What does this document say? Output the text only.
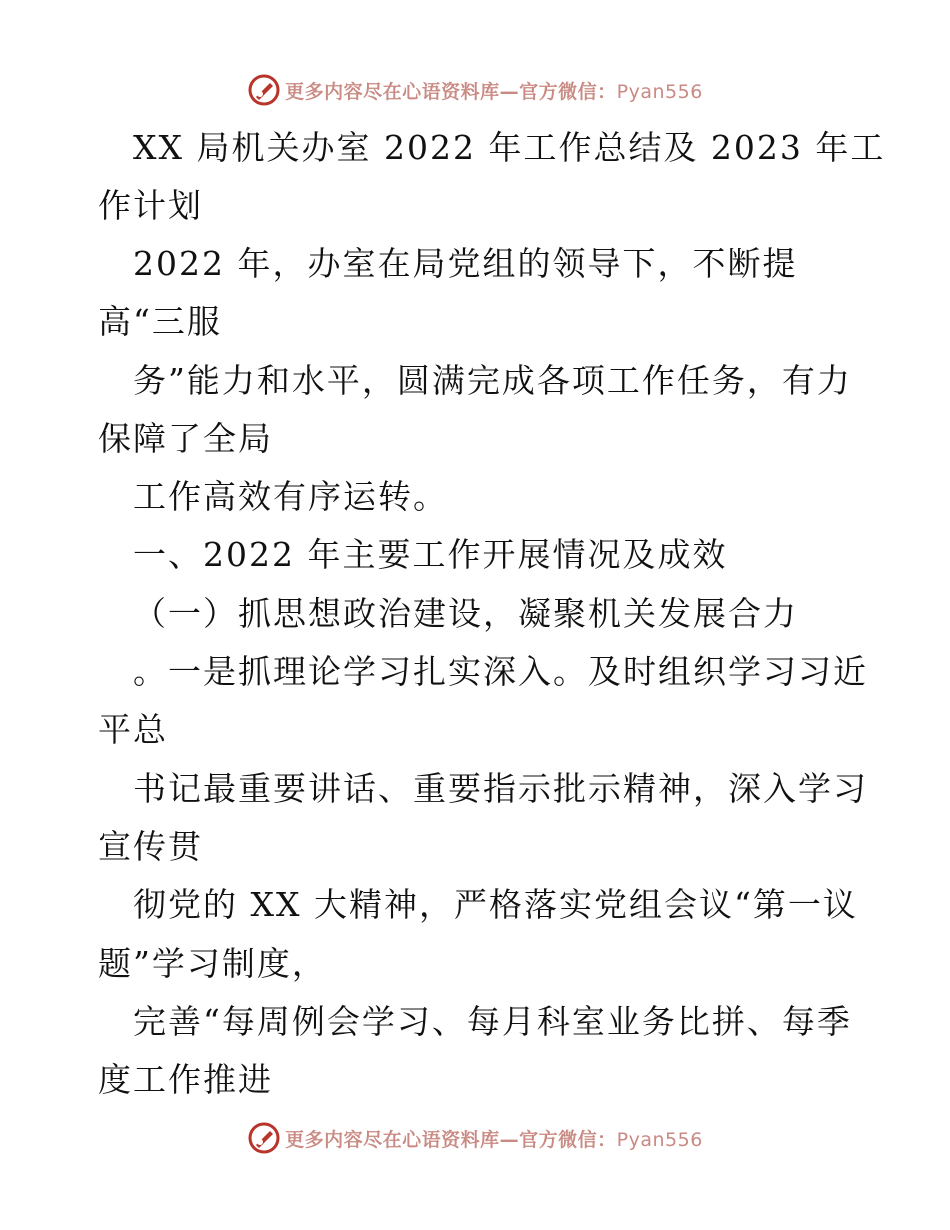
更多内容尽在心语资料库—官方微信：Pyan556
XX 局机关办室 2022 年工作总结及 2023 年工
作计划
2022 年，办室在局党组的领导下，不断提
高“三服
务”能力和水平，圆满完成各项工作任务，有力
保障了全局
工作高效有序运转。
一、2022 年主要工作开展情况及成效
（一）抓思想政治建设，凝聚机关发展合力
。一是抓理论学习扎实深入。及时组织学习习近
平总
书记最重要讲话、重要指示批示精神，深入学习
宣传贯
彻党的 XX 大精神，严格落实党组会议“第一议
题”学习制度，
完善“每周例会学习、每月科室业务比拼、每季
度工作推进
更多内容尽在心语资料库—官方微信：Pyan556
